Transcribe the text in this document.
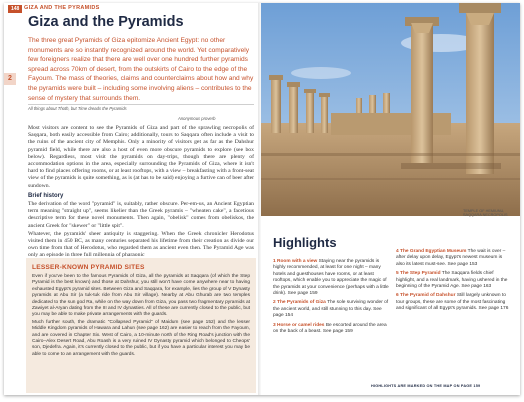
148 GIZA AND THE PYRAMIDS
Giza and the Pyramids
2
The three great Pyramids of Giza epitomize Ancient Egypt: no other monuments are so instantly recognized around the world. Yet comparatively few foreigners realize that there are well over one hundred further pyramids spread across 70km of desert, from the outskirts of Cairo to the edge of the Fayoum. The mass of theories, claims and counterclaims about how and why the pyramids were built – including some involving aliens – contributes to the sense of mystery that surrounds them.
All things about Thoth, but Time dreads the Pyramids
Anonymous proverb

Most visitors are content to see the Pyramids of Giza and part of the sprawling necropolis of Saqqara, both easily accessible from Cairo; additionally, tours to Saqqara often include a visit to the ruins of the ancient city of Memphis. Only a minority of visitors get as far as the Dahshur pyramid field, while there are also a host of even more obscure pyramids to explore (see box below). Regardless, most visit the pyramids on day-trips, though there are plenty of accommodation options in the area, especially surrounding the Pyramids of Giza, where it isn't hard to find places offering rooms, or at least rooftops, with a view – breakfasting with a front-seat view of the pyramids is quite something, as is (at has to be said) enjoying a furtive can of beer after sundown.

Brief history

The derivation of the word "pyramid" is, suitably, rather obscure. Per-em-us, an Ancient Egyptian term meaning "straight up", seems likelier than the Greek pyramis – "wheaten cake", a facetious descriptive term for these novel monuments. Then again, "obelisk" comes from obeliskos, the ancient Greek for "skewer" or "little spit".

Whatever, the pyramids' sheer antiquity is staggering. When the Greek chronicler Herodotus visited them in 450 BC, as many centuries separated his lifetime from their creation as divide our own time from that of Herodotus, who regarded them as ancient even then. The Pyramid Age was only an episode in three full millennia of pharaonic

LESSER-KNOWN PYRAMID SITES

Even if you've been to the famous Pyramids of Giza, all the pyramids at Saqqara (of which the Step Pyramid is the best known) and those at Dahshur, you still won't have come anywhere near to having exhausted Egypt's pyramid sites. Between Giza and Saqqara, for example, lies the group of V Dynasty pyramids at Abu Sir (a tuk-tuk ride from Abu Sir village). Nearby at Abu Ghurab are two temples dedicated to the sun god Ra, while on the way down from Giza, you pass two fragmentary pyramids at Zawiyet al-Aryan dating from the III and IV dynasties. All of these are currently closed to the public, but you may be able to make private arrangements with the guards.

Much further south, the dramatic "Collapsed Pyramid" of Maidum (see page 152) and the lesser Middle Kingdom pyramids of Hawara and Lahun (see page 162) are easier to reach from the Fayoum, and are covered in Chapter Six. West of Cairo, a 10-minute north of the Ring Road's junction with the Cairo–Alex Desert Road, Abu Roash is a very ruined IV Dynasty pyramid which belonged to Cheops' son, Djedefra. Again, it's currently closed to the public, but if you have a particular interest you may be able to come to an arrangement with the guards.

TEMPLE OF HEMIUNU, SAQQARA NECROPOLIS
Highlights
1 Room with a view Staying near the pyramids is highly recommended, at least for one night – many hotels and guesthouses have rooms, or at least rooftops, which enable you to appreciate the magic of the pyramids at your convenience (perhaps with a little drink). See page 159
2 The Pyramids of Giza The sole surviving wonder of the ancient world, and still stunning to this day. See page 154
3 Horse or camel rides Be escorted around the area on the back of a beast. See page 159
4 The Grand Egyptian Museum The wait is over – after delay upon delay, Egypt's newest museum is also its latest must-see. See page 153
5 The Step Pyramid The Saqqara fields chief highlight, and a real landmark, having ushered in the beginning of the Pyramid Age. See page 163
6 The Pyramid of Dahshur Still largely unknown to tour groups, these are some of the most fascinating and significant of all Egypt's pyramids. See page 176
HIGHLIGHTS ARE MARKED ON THE MAP ON PAGE 159
